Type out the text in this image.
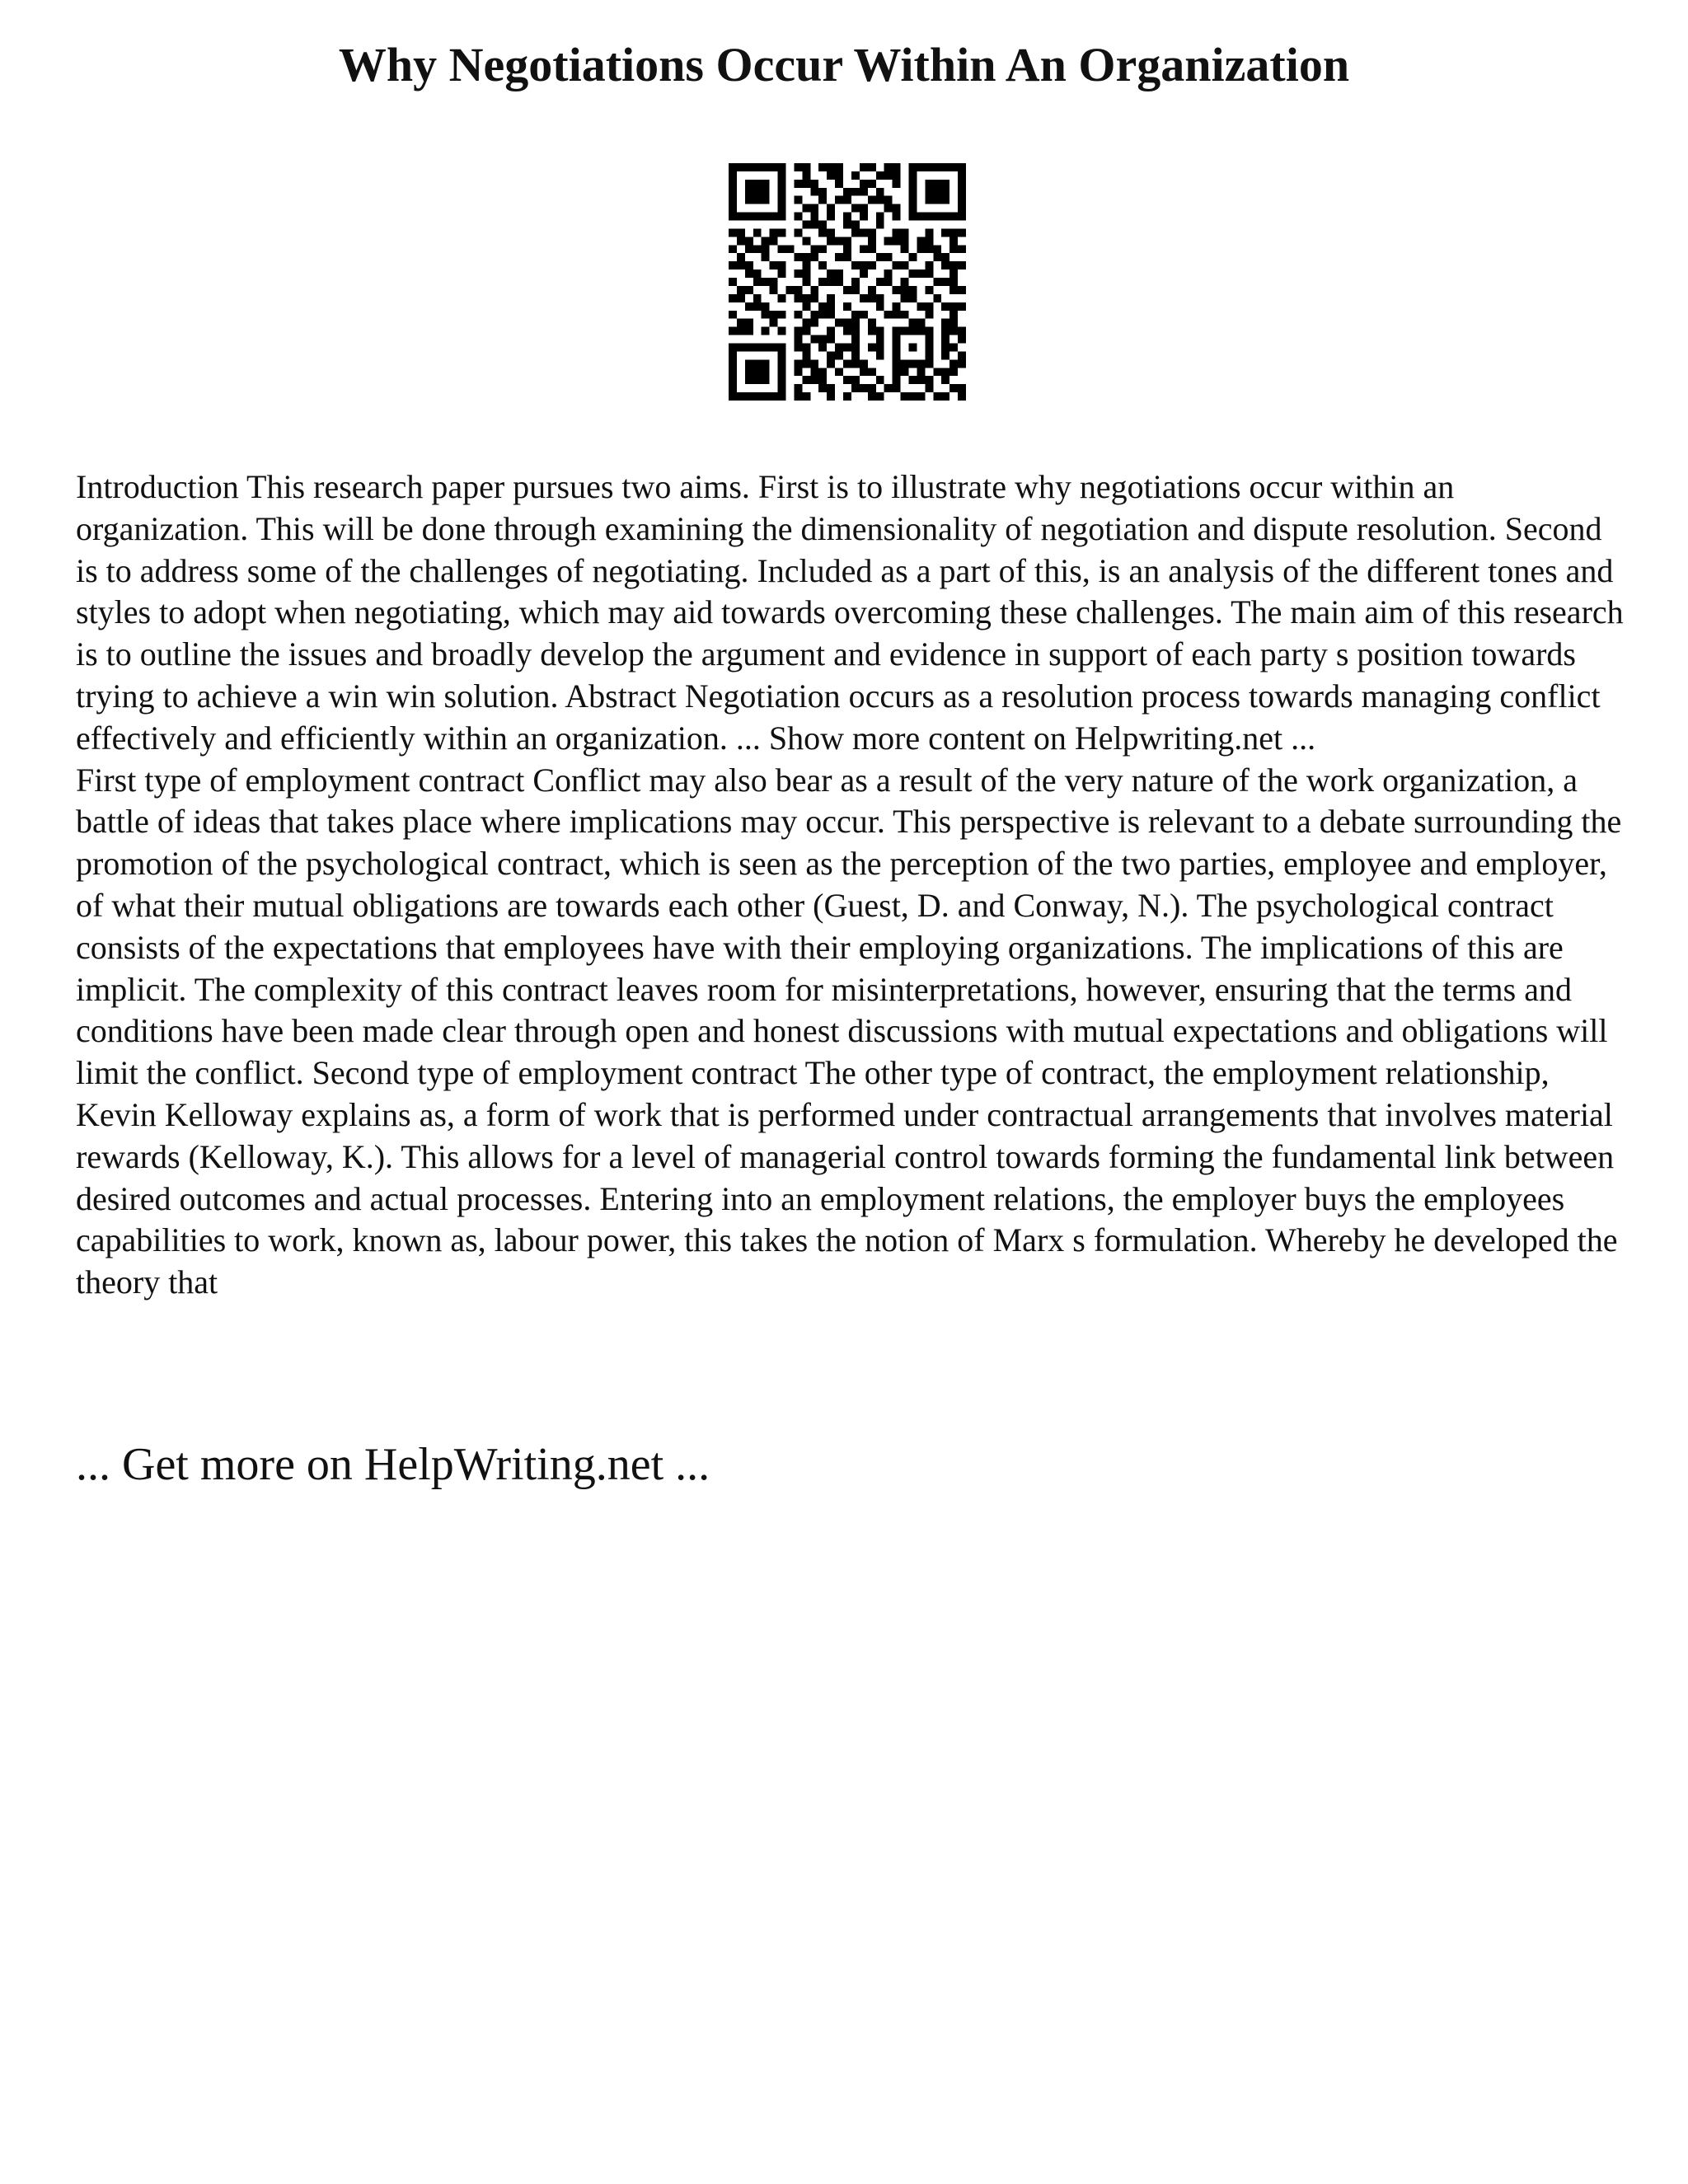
Why Negotiations Occur Within An Organization

Introduction This research paper pursues two aims. First is to illustrate why negotiations occur within an organization. This will be done through examining the dimensionality of negotiation and dispute resolution. Second is to address some of the challenges of negotiating. Included as a part of this, is an analysis of the different tones and styles to adopt when negotiating, which may aid towards overcoming these challenges. The main aim of this research is to outline the issues and broadly develop the argument and evidence in support of each party s position towards trying to achieve a win win solution. Abstract Negotiation occurs as a resolution process towards managing conflict effectively and efficiently within an organization. ... Show more content on Helpwriting.net ...

First type of employment contract Conflict may also bear as a result of the very nature of the work organization, a battle of ideas that takes place where implications may occur. This perspective is relevant to a debate surrounding the promotion of the psychological contract, which is seen as the perception of the two parties, employee and employer, of what their mutual obligations are towards each other (Guest, D. and Conway, N.). The psychological contract consists of the expectations that employees have with their employing organizations. The implications of this are implicit. The complexity of this contract leaves room for misinterpretations, however, ensuring that the terms and conditions have been made clear through open and honest discussions with mutual expectations and obligations will limit the conflict. Second type of employment contract The other type of contract, the employment relationship, Kevin Kelloway explains as, a form of work that is performed under contractual arrangements that involves material rewards (Kelloway, K.). This allows for a level of managerial control towards forming the fundamental link between desired outcomes and actual processes. Entering into an employment relations, the employer buys the employees capabilities to work, known as, labour power, this takes the notion of Marx s formulation. Whereby he developed the theory that

... Get more on HelpWriting.net ...
